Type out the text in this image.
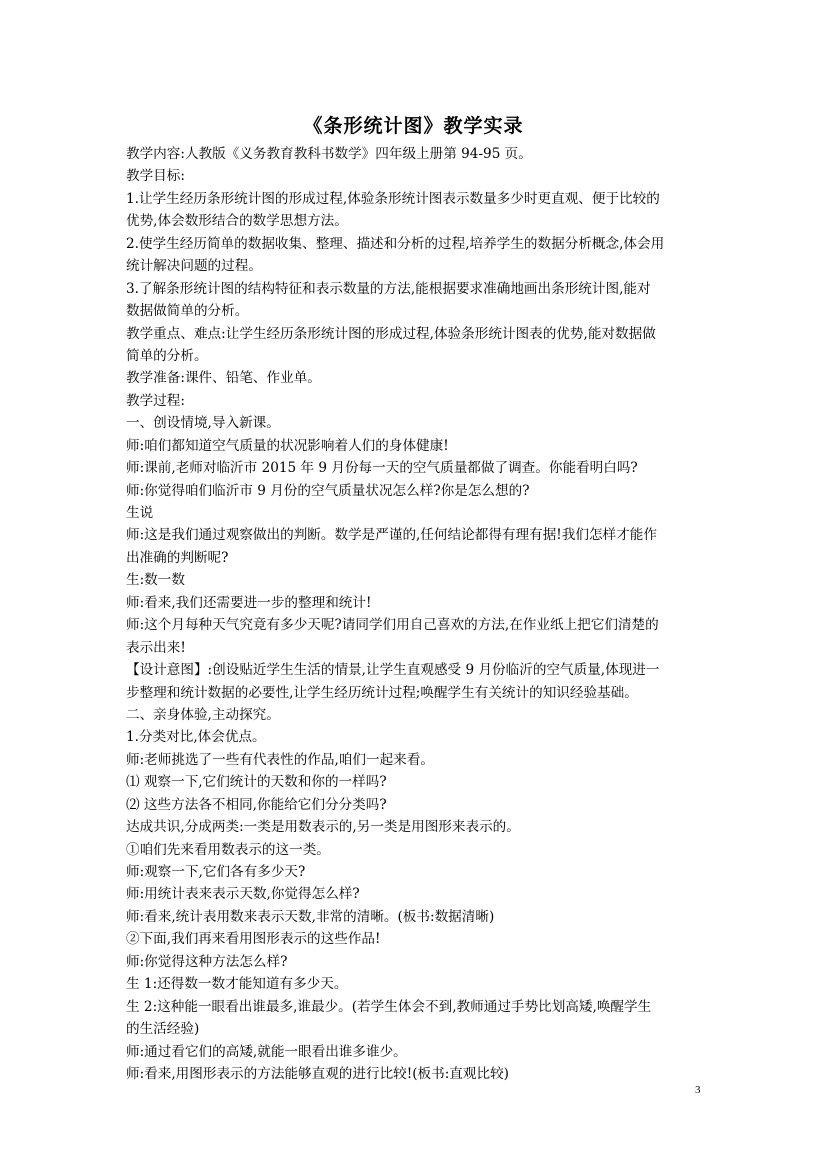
《条形统计图》教学实录
教学内容:人教版《义务教育教科书数学》四年级上册第 94-95 页。
教学目标:
1.让学生经历条形统计图的形成过程,体验条形统计图表示数量多少时更直观、便于比较的
优势,体会数形结合的数学思想方法。
2.使学生经历简单的数据收集、整理、描述和分析的过程,培养学生的数据分析概念,体会用
统计解决问题的过程。
3.了解条形统计图的结构特征和表示数量的方法,能根据要求准确地画出条形统计图,能对
数据做简单的分析。
教学重点、难点:让学生经历条形统计图的形成过程,体验条形统计图表的优势,能对数据做
简单的分析。
教学准备:课件、铅笔、作业单。
教学过程:
一、创设情境,导入新课。
师:咱们都知道空气质量的状况影响着人们的身体健康!
师:课前,老师对临沂市 2015 年 9 月份每一天的空气质量都做了调查。你能看明白吗?
师:你觉得咱们临沂市 9 月份的空气质量状况怎么样?你是怎么想的?
生说
师:这是我们通过观察做出的判断。数学是严谨的,任何结论都得有理有据!我们怎样才能作
出准确的判断呢?
生:数一数
师:看来,我们还需要进一步的整理和统计!
师:这个月每种天气究竟有多少天呢?请同学们用自己喜欢的方法,在作业纸上把它们清楚的
表示出来!
【设计意图】:创设贴近学生生活的情景,让学生直观感受 9 月份临沂的空气质量,体现进一
步整理和统计数据的必要性,让学生经历统计过程;唤醒学生有关统计的知识经验基础。
二、亲身体验,主动探究。
1.分类对比,体会优点。
师:老师挑选了一些有代表性的作品,咱们一起来看。
⑴ 观察一下,它们统计的天数和你的一样吗?
⑵ 这些方法各不相同,你能给它们分分类吗?
达成共识,分成两类:一类是用数表示的,另一类是用图形来表示的。
①咱们先来看用数表示的这一类。
师:观察一下,它们各有多少天?
师:用统计表来表示天数,你觉得怎么样?
师:看来,统计表用数来表示天数,非常的清晰。(板书:数据清晰)
②下面,我们再来看用图形表示的这些作品!
师:你觉得这种方法怎么样?
生 1:还得数一数才能知道有多少天。
生 2:这种能一眼看出谁最多,谁最少。(若学生体会不到,教师通过手势比划高矮,唤醒学生
的生活经验)
师:通过看它们的高矮,就能一眼看出谁多谁少。
师:看来,用图形表示的方法能够直观的进行比较!(板书:直观比较)
3
